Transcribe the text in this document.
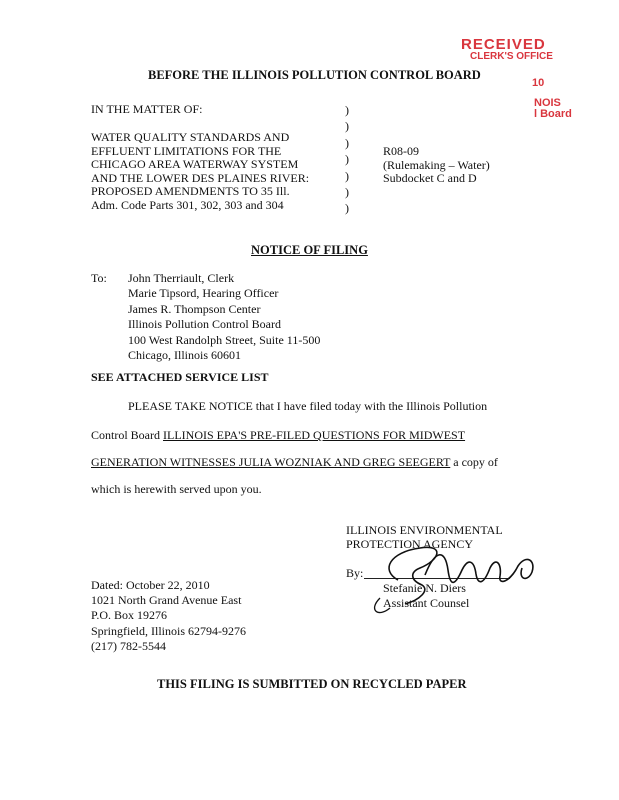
RECEIVED
CLERK'S OFFICE
10
NOIS
l Board
BEFORE THE ILLINOIS POLLUTION CONTROL BOARD
IN THE MATTER OF:
WATER QUALITY STANDARDS AND
EFFLUENT LIMITATIONS FOR THE
CHICAGO AREA WATERWAY SYSTEM
AND THE LOWER DES PLAINES RIVER:
PROPOSED AMENDMENTS TO 35 Ill.
Adm. Code Parts 301, 302, 303 and 304
)
)
)
)
)
)
)
R08-09
(Rulemaking – Water)
Subdocket C and D
NOTICE OF FILING
To: John Therriault, Clerk
Marie Tipsord, Hearing Officer
James R. Thompson Center
Illinois Pollution Control Board
100 West Randolph Street, Suite 11-500
Chicago, Illinois 60601
SEE ATTACHED SERVICE LIST
PLEASE TAKE NOTICE that I have filed today with the Illinois Pollution
Control Board ILLINOIS EPA'S PRE-FILED QUESTIONS FOR MIDWEST
GENERATION WITNESSES JULIA WOZNIAK AND GREG SEEGERT a copy of
which is herewith served upon you.
ILLINOIS ENVIRONMENTAL
PROTECTION AGENCY
By:
Stefanie N. Diers
Assistant Counsel
Dated: October 22, 2010
1021 North Grand Avenue East
P.O. Box 19276
Springfield, Illinois 62794-9276
(217) 782-5544
THIS FILING IS SUMBITTED ON RECYCLED PAPER
